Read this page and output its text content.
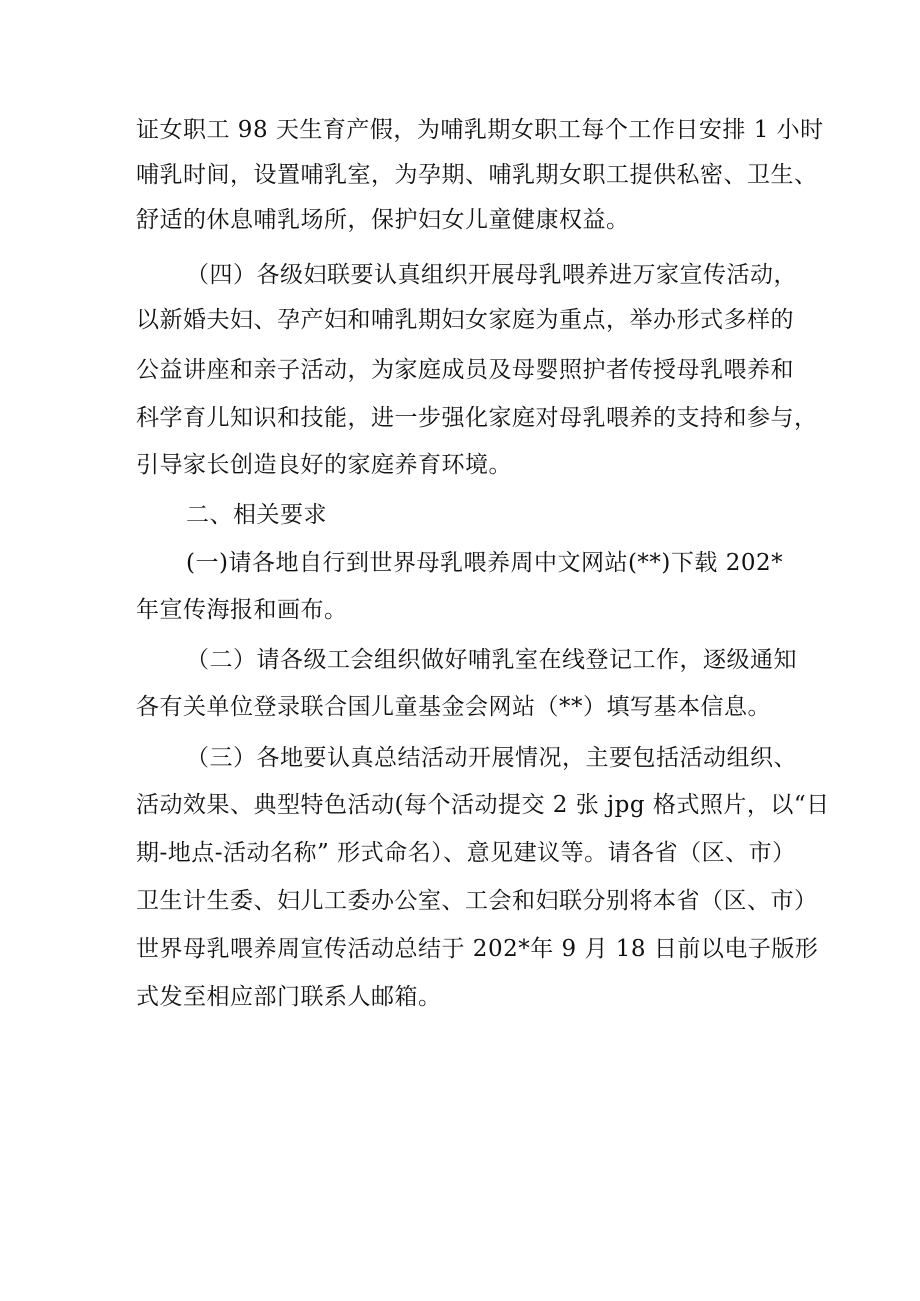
证女职工 98 天生育产假，为哺乳期女职工每个工作日安排 1 小时
哺乳时间，设置哺乳室，为孕期、哺乳期女职工提供私密、卫生、
舒适的休息哺乳场所，保护妇女儿童健康权益。
（四）各级妇联要认真组织开展母乳喂养进万家宣传活动，
以新婚夫妇、孕产妇和哺乳期妇女家庭为重点，举办形式多样的
公益讲座和亲子活动，为家庭成员及母婴照护者传授母乳喂养和
科学育儿知识和技能，进一步强化家庭对母乳喂养的支持和参与，
引导家长创造良好的家庭养育环境。
二、相关要求
(一)请各地自行到世界母乳喂养周中文网站(**)下载 202*
年宣传海报和画布。
（二）请各级工会组织做好哺乳室在线登记工作，逐级通知
各有关单位登录联合国儿童基金会网站（**）填写基本信息。
（三）各地要认真总结活动开展情况，主要包括活动组织、
活动效果、典型特色活动(每个活动提交 2 张 jpg 格式照片，以“日
期-地点-活动名称” 形式命名）、意见建议等。请各省（区、市）
卫生计生委、妇儿工委办公室、工会和妇联分别将本省（区、市）
世界母乳喂养周宣传活动总结于 202*年 9 月 18 日前以电子版形
式发至相应部门联系人邮箱。
